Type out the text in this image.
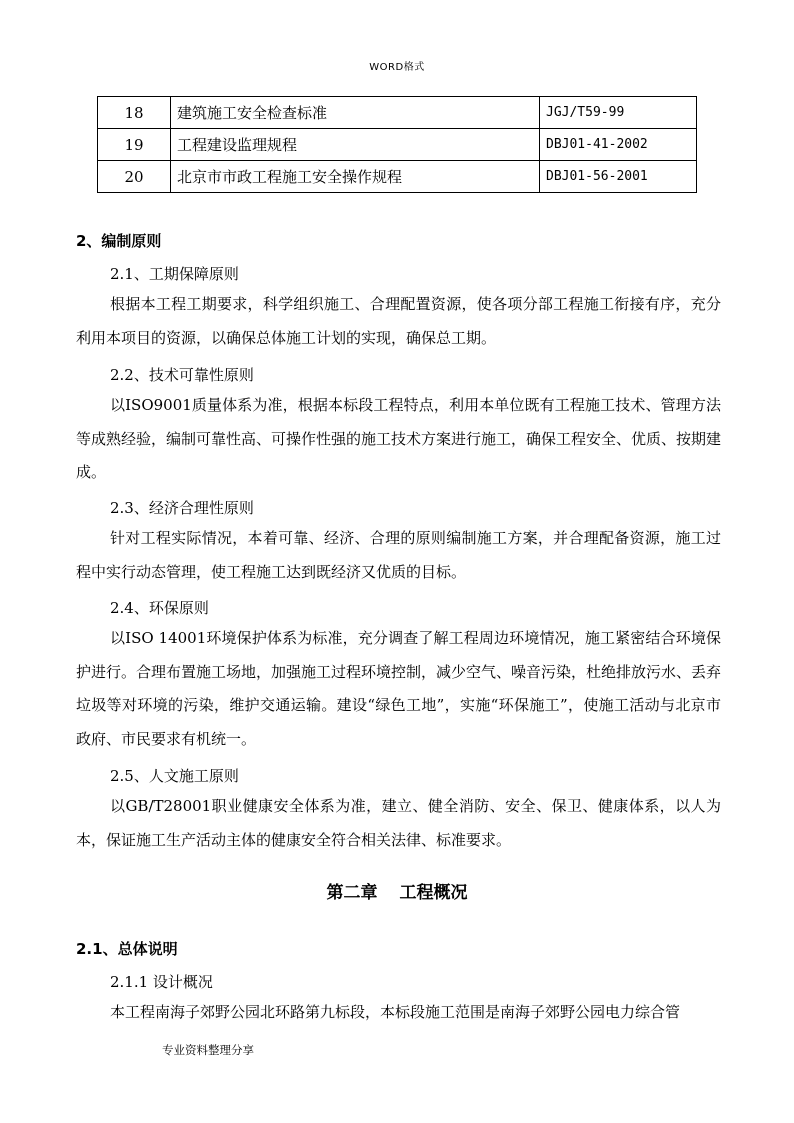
WORD格式
18	建筑施工安全检查标准	JGJ/T59-99
19	工程建设监理规程	DBJ01-41-2002
20	北京市市政工程施工安全操作规程	DBJ01-56-2001
2、编制原则
2.1、工期保障原则
根据本工程工期要求，科学组织施工、合理配置资源，使各项分部工程施工衔接有序，充分利用本项目的资源，以确保总体施工计划的实现，确保总工期。
2.2、技术可靠性原则
以ISO9001质量体系为准，根据本标段工程特点，利用本单位既有工程施工技术、管理方法等成熟经验，编制可靠性高、可操作性强的施工技术方案进行施工，确保工程安全、优质、按期建成。
2.3、经济合理性原则
针对工程实际情况，本着可靠、经济、合理的原则编制施工方案，并合理配备资源，施工过程中实行动态管理，使工程施工达到既经济又优质的目标。
2.4、环保原则
以ISO 14001环境保护体系为标准，充分调查了解工程周边环境情况，施工紧密结合环境保护进行。合理布置施工场地，加强施工过程环境控制，减少空气、噪音污染，杜绝排放污水、丢弃垃圾等对环境的污染，维护交通运输。建设“绿色工地”，实施“环保施工”，使施工活动与北京市政府、市民要求有机统一。
2.5、人文施工原则
以GB/T28001职业健康安全体系为准，建立、健全消防、安全、保卫、健康体系，以人为本，保证施工生产活动主体的健康安全符合相关法律、标准要求。
第二章 工程概况
2.1、总体说明
2.1.1 设计概况
本工程南海子郊野公园北环路第九标段，本标段施工范围是南海子郊野公园电力综合管
专业资料整理分享
